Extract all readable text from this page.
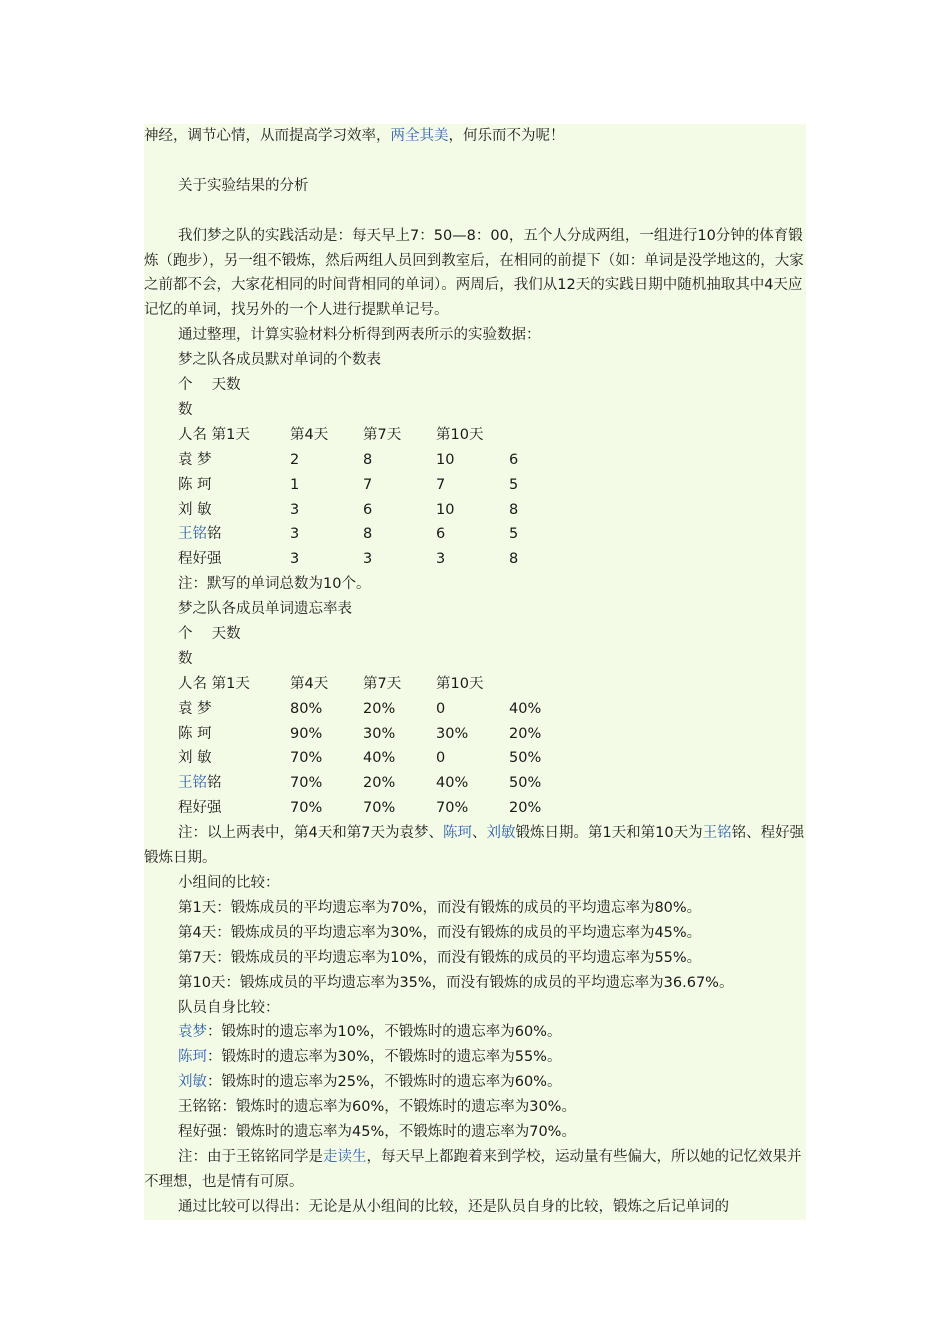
神经，调节心情，从而提高学习效率，两全其美，何乐而不为呢！

关于实验结果的分析

我们梦之队的实践活动是：每天早上7：50—8：00，五个人分成两组，一组进行10分钟的体育锻炼（跑步），另一组不锻炼，然后两组人员回到教室后，在相同的前提下（如：单词是没学地这的，大家之前都不会，大家花相同的时间背相同的单词）。两周后，我们从12天的实践日期中随机抽取其中4天应记忆的单词，找另外的一个人进行提默单记号。

通过整理，计算实验材料分析得到两表所示的实验数据：

梦之队各成员默对单词的个数表

个　 天数

数

人名 第1天	第4天	第7天	第10天
袁 梦	2	8	10	6
陈 珂	1	7	7	5
刘 敏	3	6	10	8
王铭铭	3	8	6	5
程好强	3	3	3	8

注：默写的单词总数为10个。

梦之队各成员单词遗忘率表

个　 天数

数

人名 第1天	第4天	第7天	第10天
袁 梦	80%	20%	0	40%
陈 珂	90%	30%	30%	20%
刘 敏	70%	40%	0	50%
王铭铭	70%	20%	40%	50%
程好强	70%	70%	70%	20%

注：以上两表中，第4天和第7天为袁梦、陈珂、刘敏锻炼日期。第1天和第10天为王铭铭、程好强锻炼日期。

小组间的比较：

第1天：锻炼成员的平均遗忘率为70%，而没有锻炼的成员的平均遗忘率为80%。

第4天：锻炼成员的平均遗忘率为30%，而没有锻炼的成员的平均遗忘率为45%。

第7天：锻炼成员的平均遗忘率为10%，而没有锻炼的成员的平均遗忘率为55%。

第10天：锻炼成员的平均遗忘率为35%，而没有锻炼的成员的平均遗忘率为36.67%。

队员自身比较：

袁梦：锻炼时的遗忘率为10%，不锻炼时的遗忘率为60%。

陈珂：锻炼时的遗忘率为30%，不锻炼时的遗忘率为55%。

刘敏：锻炼时的遗忘率为25%，不锻炼时的遗忘率为60%。

王铭铭：锻炼时的遗忘率为60%，不锻炼时的遗忘率为30%。

程好强：锻炼时的遗忘率为45%，不锻炼时的遗忘率为70%。

注：由于王铭铭同学是走读生，每天早上都跑着来到学校，运动量有些偏大，所以她的记忆效果并不理想，也是情有可原。

通过比较可以得出：无论是从小组间的比较，还是队员自身的比较，锻炼之后记单词的
